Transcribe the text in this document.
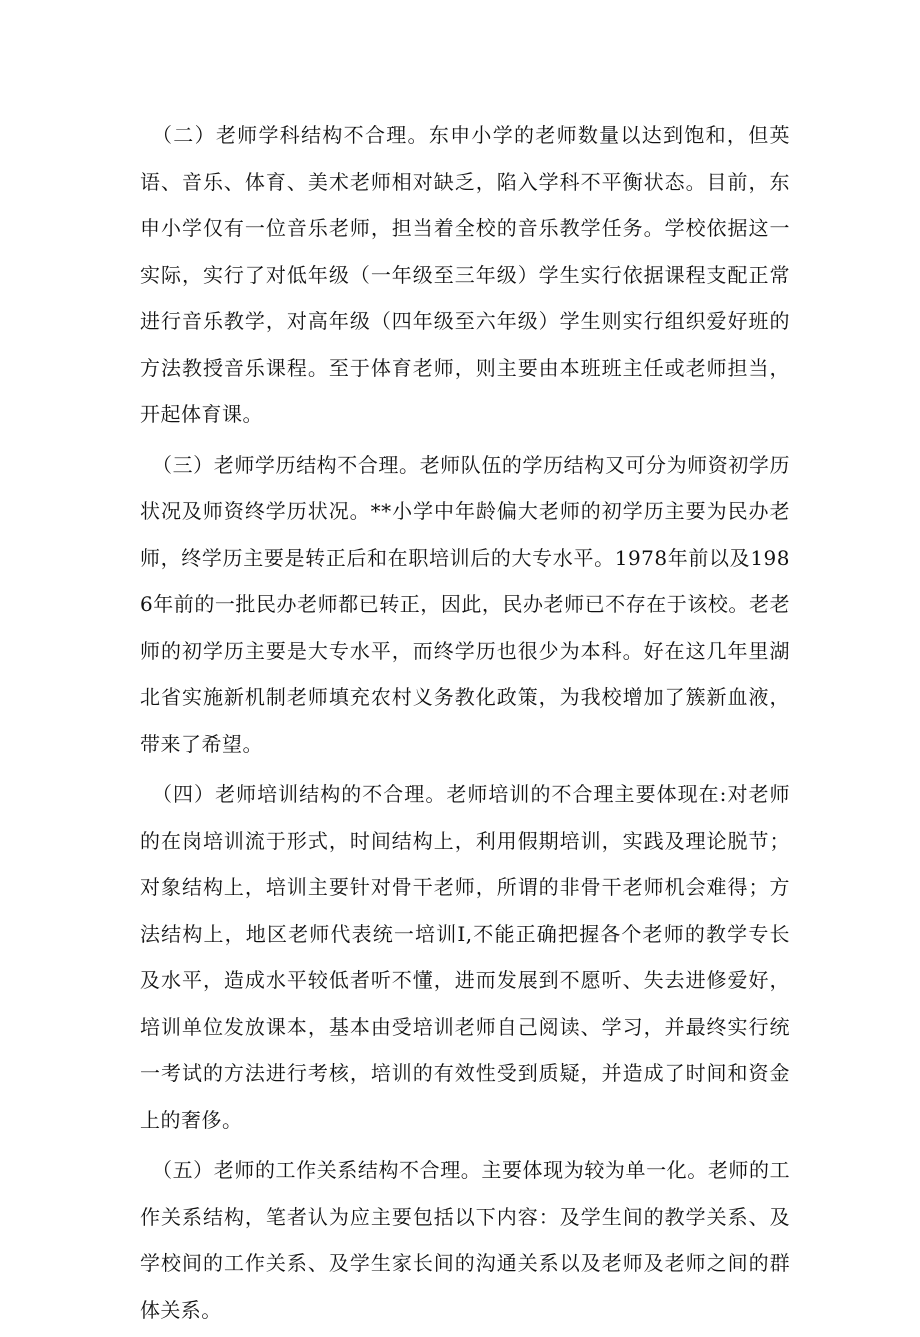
（二）老师学科结构不合理。东申小学的老师数量以达到饱和，但英语、音乐、体育、美术老师相对缺乏，陷入学科不平衡状态。目前，东申小学仅有一位音乐老师，担当着全校的音乐教学任务。学校依据这一实际，实行了对低年级（一年级至三年级）学生实行依据课程支配正常进行音乐教学，对高年级（四年级至六年级）学生则实行组织爱好班的方法教授音乐课程。至于体育老师，则主要由本班班主任或老师担当，开起体育课。

（三）老师学历结构不合理。老师队伍的学历结构又可分为师资初学历状况及师资终学历状况。**小学中年龄偏大老师的初学历主要为民办老师，终学历主要是转正后和在职培训后的大专水平。1978年前以及1986年前的一批民办老师都已转正，因此，民办老师已不存在于该校。老老师的初学历主要是大专水平，而终学历也很少为本科。好在这几年里湖北省实施新机制老师填充农村义务教化政策，为我校增加了簇新血液，带来了希望。

（四）老师培训结构的不合理。老师培训的不合理主要体现在:对老师的在岗培训流于形式，时间结构上，利用假期培训，实践及理论脱节；对象结构上，培训主要针对骨干老师，所谓的非骨干老师机会难得；方法结构上，地区老师代表统一培训I,不能正确把握各个老师的教学专长及水平，造成水平较低者听不懂，进而发展到不愿听、失去进修爱好，培训单位发放课本，基本由受培训老师自己阅读、学习，并最终实行统一考试的方法进行考核，培训的有效性受到质疑，并造成了时间和资金上的奢侈。

（五）老师的工作关系结构不合理。主要体现为较为单一化。老师的工作关系结构，笔者认为应主要包括以下内容：及学生间的教学关系、及学校间的工作关系、及学生家长间的沟通关系以及老师及老师之间的群体关系。
